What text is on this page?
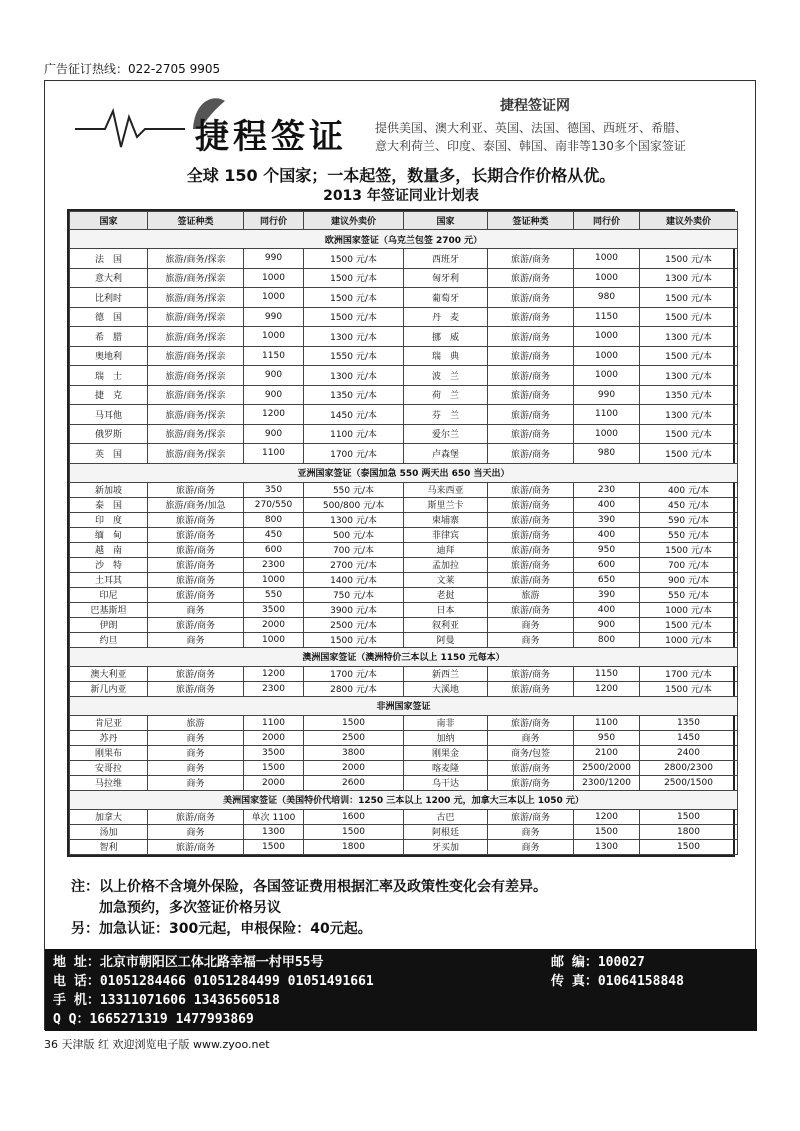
广告征订热线：022-2705 9905
捷程签证
捷程签证网
提供美国、澳大利亚、英国、法国、德国、西班牙、希腊、
意大利荷兰、印度、泰国、韩国、南非等130多个国家签证
全球 150 个国家；一本起签，数量多，长期合作价格从优。
2013 年签证同业计划表
国家	签证种类	同行价	建议外卖价	国家	签证种类	同行价	建议外卖价
欧洲国家签证（乌克兰包签 2700 元）							
法　国	旅游/商务/探亲	990	1500 元/本	西班牙	旅游/商务	1000	1500 元/本
意大利	旅游/商务/探亲	1000	1500 元/本	匈牙利	旅游/商务	1000	1300 元/本
比利时	旅游/商务/探亲	1000	1500 元/本	葡萄牙	旅游/商务	980	1500 元/本
德　国	旅游/商务/探亲	990	1500 元/本	丹　麦	旅游/商务	1150	1500 元/本
希　腊	旅游/商务/探亲	1000	1300 元/本	挪　威	旅游/商务	1000	1300 元/本
奥地利	旅游/商务/探亲	1150	1550 元/本	瑞　典	旅游/商务	1000	1500 元/本
瑞　士	旅游/商务/探亲	900	1300 元/本	波　兰	旅游/商务	1000	1300 元/本
捷　克	旅游/商务/探亲	900	1350 元/本	荷　兰	旅游/商务	990	1350 元/本
马耳他	旅游/商务/探亲	1200	1450 元/本	芬　兰	旅游/商务	1100	1300 元/本
俄罗斯	旅游/商务/探亲	900	1100 元/本	爱尔兰	旅游/商务	1000	1500 元/本
英　国	旅游/商务/探亲	1100	1700 元/本	卢森堡	旅游/商务	980	1500 元/本
亚洲国家签证（泰国加急 550 两天出 650 当天出）							
新加坡	旅游/商务	350	550 元/本	马来西亚	旅游/商务	230	400 元/本
泰　国	旅游/商务/加急	270/550	500/800 元/本	斯里兰卡	旅游/商务	400	450 元/本
印　度	旅游/商务	800	1300 元/本	柬埔寨	旅游/商务	390	590 元/本
缅　甸	旅游/商务	450	500 元/本	菲律宾	旅游/商务	400	550 元/本
越　南	旅游/商务	600	700 元/本	迪拜	旅游/商务	950	1500 元/本
沙　特	旅游/商务	2300	2700 元/本	孟加拉	旅游/商务	600	700 元/本
土耳其	旅游/商务	1000	1400 元/本	文莱	旅游/商务	650	900 元/本
印尼	旅游/商务	550	750 元/本	老挝	旅游	390	550 元/本
巴基斯坦	商务	3500	3900 元/本	日本	旅游/商务	400	1000 元/本
伊朗	旅游/商务	2000	2500 元/本	叙利亚	商务	900	1500 元/本
约旦	商务	1000	1500 元/本	阿曼	商务	800	1000 元/本
澳洲国家签证（澳洲特价三本以上 1150 元每本）							
澳大利亚	旅游/商务	1200	1700 元/本	新西兰	旅游/商务	1150	1700 元/本
新几内亚	旅游/商务	2300	2800 元/本	大溪地	旅游/商务	1200	1500 元/本
非洲国家签证							
肯尼亚	旅游	1100	1500	南非	旅游/商务	1100	1350
苏丹	商务	2000	2500	加纳	商务	950	1450
刚果布	商务	3500	3800	刚果金	商务/包签	2100	2400
安哥拉	商务	1500	2000	喀麦隆	旅游/商务	2500/2000	2800/2300
马拉维	商务	2000	2600	乌干达	旅游/商务	2300/1200	2500/1500
美洲国家签证（美国特价代培训：1250 三本以上 1200 元，加拿大三本以上 1050 元）							
加拿大	旅游/商务	单次 1100	1600	古巴	旅游/商务	1200	1500
汤加	商务	1300	1500	阿根廷	商务	1500	1800
智利	旅游/商务	1500	1800	牙买加	商务	1300	1500
注：以上价格不含境外保险，各国签证费用根据汇率及政策性变化会有差异。
加急预约，多次签证价格另议
另：加急认证：300元起，申根保险：40元起。
地 址：北京市朝阳区工体北路幸福一村甲55号	邮 编：100027
电 话：01051284466 01051284499 01051491661	传 真：01064158848
手 机：13311071606 13436560518
Q Q：1665271319 1477993869
36 天津版 红 欢迎浏览电子版 www.zyoo.net
